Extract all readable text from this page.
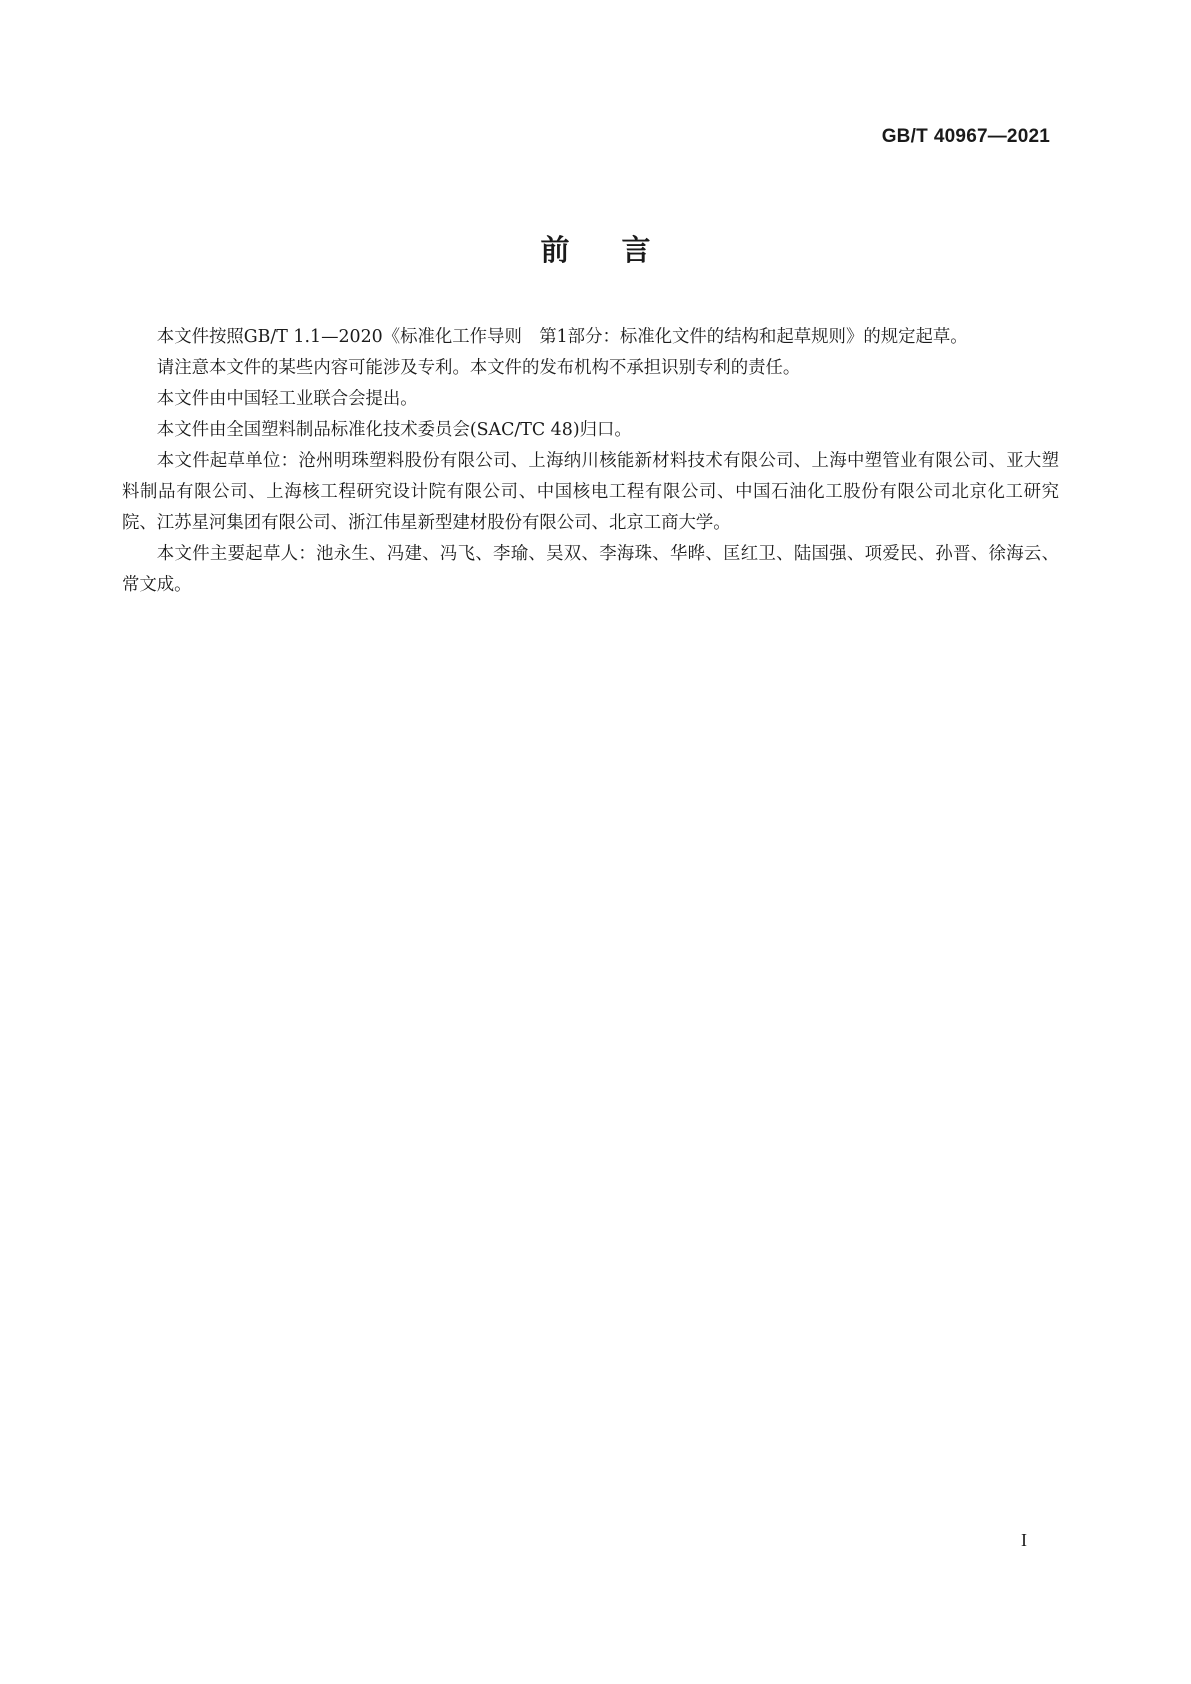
GB/T 40967—2021
前 言

本文件按照GB/T 1.1—2020《标准化工作导则　第1部分：标准化文件的结构和起草规则》的规定起草。

请注意本文件的某些内容可能涉及专利。本文件的发布机构不承担识别专利的责任。

本文件由中国轻工业联合会提出。

本文件由全国塑料制品标准化技术委员会(SAC/TC 48)归口。

本文件起草单位：沧州明珠塑料股份有限公司、上海纳川核能新材料技术有限公司、上海中塑管业有限公司、亚大塑料制品有限公司、上海核工程研究设计院有限公司、中国核电工程有限公司、中国石油化工股份有限公司北京化工研究院、江苏星河集团有限公司、浙江伟星新型建材股份有限公司、北京工商大学。

本文件主要起草人：池永生、冯建、冯飞、李瑜、吴双、李海珠、华晔、匡红卫、陆国强、项爱民、孙晋、徐海云、常文成。

I
